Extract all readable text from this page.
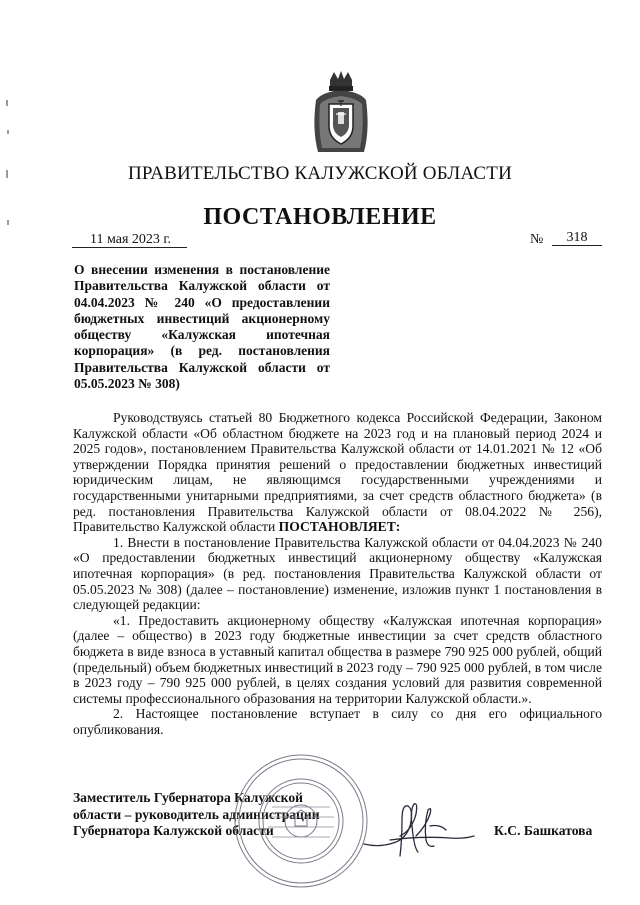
ПРАВИТЕЛЬСТВО КАЛУЖСКОЙ ОБЛАСТИ
ПОСТАНОВЛЕНИЕ
11 мая 2023 г.	№	318
О внесении изменения в постановление Правительства Калужской области от 04.04.2023 № 240 «О предоставлении бюджетных инвестиций акционерному обществу «Калужская ипотечная корпорация» (в ред. постановления Правительства Калужской области от 05.05.2023 № 308)

Руководствуясь статьей 80 Бюджетного кодекса Российской Федерации, Законом Калужской области «Об областном бюджете на 2023 год и на плановый период 2024 и 2025 годов», постановлением Правительства Калужской области от 14.01.2021 № 12 «Об утверждении Порядка принятия решений о предоставлении бюджетных инвестиций юридическим лицам, не являющимся государственными учреждениями и государственными унитарными предприятиями, за счет средств областного бюджета» (в ред. постановления Правительства Калужской области от 08.04.2022 № 256), Правительство Калужской области ПОСТАНОВЛЯЕТ:

1. Внести в постановление Правительства Калужской области от 04.04.2023 № 240 «О предоставлении бюджетных инвестиций акционерному обществу «Калужская ипотечная корпорация» (в ред. постановления Правительства Калужской области от 05.05.2023 № 308) (далее – постановление) изменение, изложив пункт 1 постановления в следующей редакции:

«1. Предоставить акционерному обществу «Калужская ипотечная корпорация» (далее – общество) в 2023 году бюджетные инвестиции за счет средств областного бюджета в виде взноса в уставный капитал общества в размере 790 925 000 рублей, общий (предельный) объем бюджетных инвестиций в 2023 году – 790 925 000 рублей, в том числе в 2023 году – 790 925 000 рублей, в целях создания условий для развития современной системы профессионального образования на территории Калужской области.».

2. Настоящее постановление вступает в силу со дня его официального опубликования.

Заместитель Губернатора Калужской области – руководитель администрации Губернатора Калужской области	К.С. Башкатова
